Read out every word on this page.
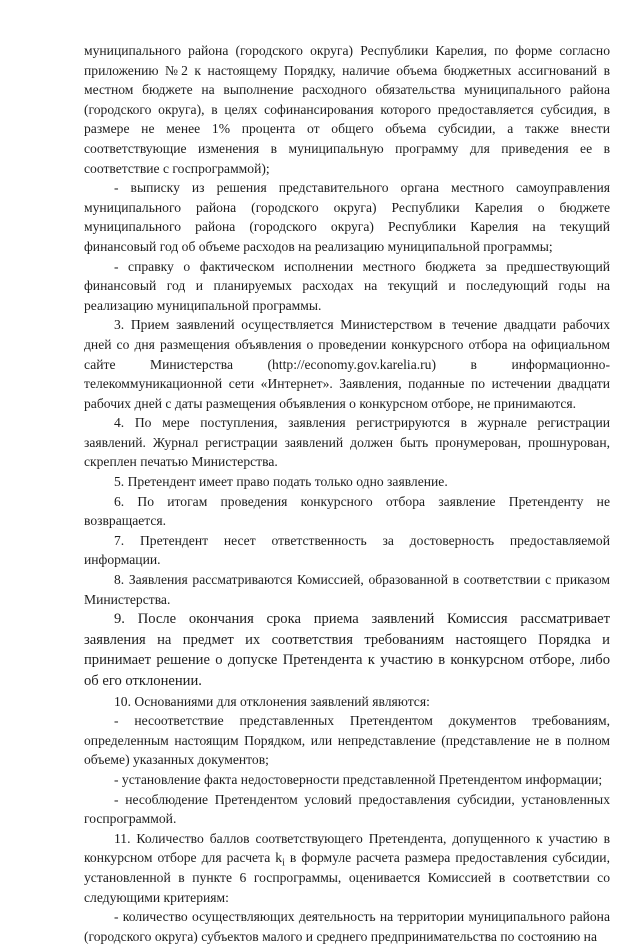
муниципального района (городского округа) Республики Карелия, по форме согласно приложению №2 к настоящему Порядку, наличие объема бюджетных ассигнований в местном бюджете на выполнение расходного обязательства муниципального района (городского округа), в целях софинансирования которого предоставляется субсидия, в размере не менее 1% процента от общего объема субсидии, а также внести соответствующие изменения в муниципальную программу для приведения ее в соответствие с госпрограммой);

- выписку из решения представительного органа местного самоуправления муниципального района (городского округа) Республики Карелия о бюджете муниципального района (городского округа) Республики Карелия на текущий финансовый год об объеме расходов на реализацию муниципальной программы;

- справку о фактическом исполнении местного бюджета за предшествующий финансовый год и планируемых расходах на текущий и последующий годы на реализацию муниципальной программы.

3. Прием заявлений осуществляется Министерством в течение двадцати рабочих дней со дня размещения объявления о проведении конкурсного отбора на официальном сайте Министерства (http://economy.gov.karelia.ru) в информационно-телекоммуникационной сети «Интернет». Заявления, поданные по истечении двадцати рабочих дней с даты размещения объявления о конкурсном отборе, не принимаются.

4. По мере поступления, заявления регистрируются в журнале регистрации заявлений. Журнал регистрации заявлений должен быть пронумерован, прошнурован, скреплен печатью Министерства.

5. Претендент имеет право подать только одно заявление.

6. По итогам проведения конкурсного отбора заявление Претенденту не возвращается.

7. Претендент несет ответственность за достоверность предоставляемой информации.

8. Заявления рассматриваются Комиссией, образованной в соответствии с приказом Министерства.

9. После окончания срока приема заявлений Комиссия рассматривает заявления на предмет их соответствия требованиям настоящего Порядка и принимает решение о допуске Претендента к участию в конкурсном отборе, либо об его отклонении.

10. Основаниями для отклонения заявлений являются:

- несоответствие представленных Претендентом документов требованиям, определенным настоящим Порядком, или непредставление (представление не в полном объеме) указанных документов;

- установление факта недостоверности представленной Претендентом информации;

- несоблюдение Претендентом условий предоставления субсидии, установленных госпрограммой.

11. Количество баллов соответствующего Претендента, допущенного к участию в конкурсном отборе для расчета $k_i$ в формуле расчета размера предоставления субсидии, установленной в пункте 6 госпрограммы, оценивается Комиссией в соответствии со следующими критериям:

- количество осуществляющих деятельность на территории муниципального района (городского округа) субъектов малого и среднего предпринимательства по состоянию на
